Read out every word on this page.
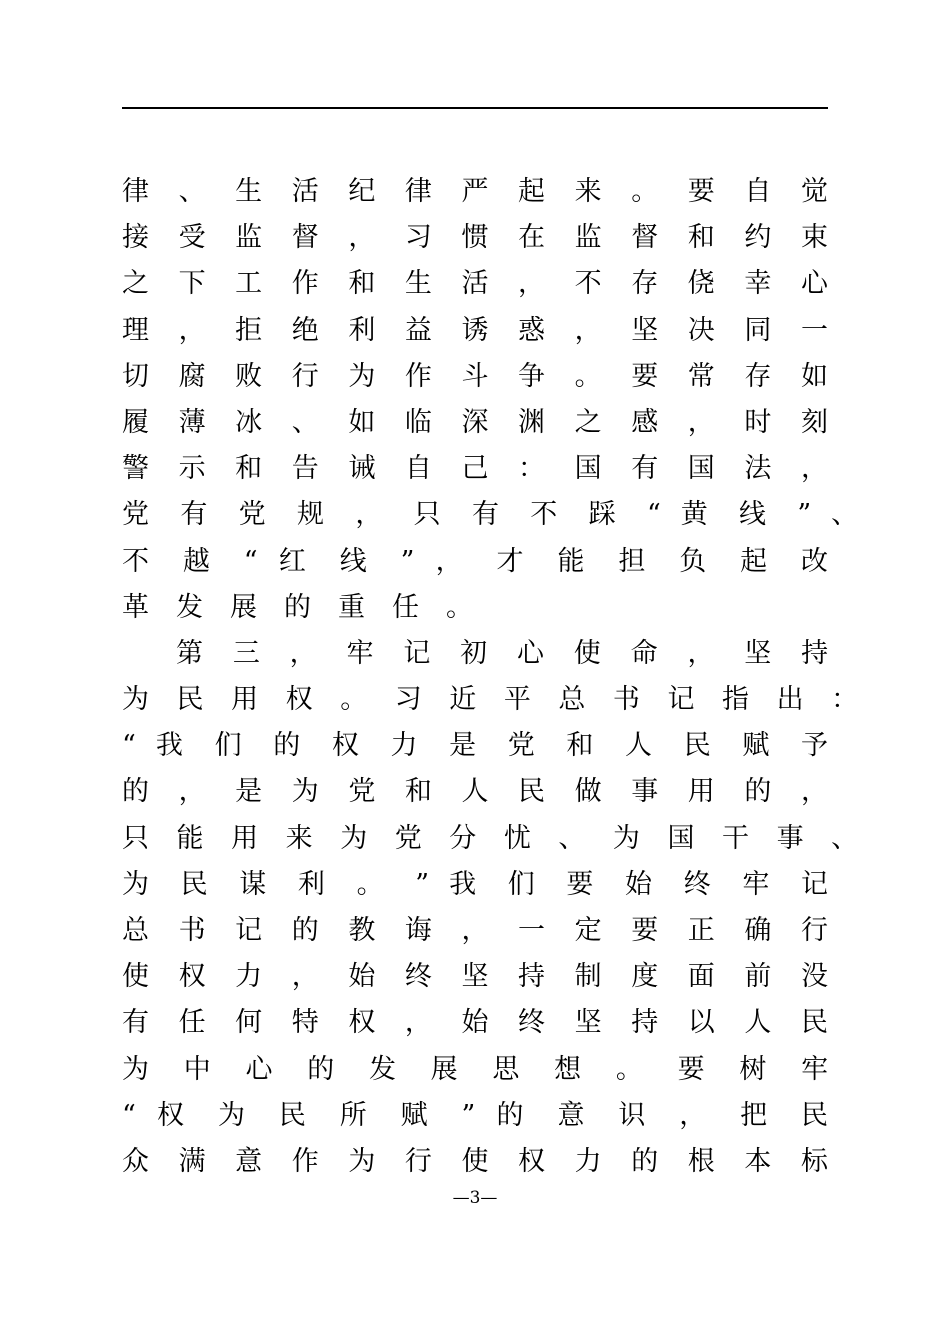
律 、 生 活 纪 律 严 起 来 。 要 自 觉
接 受 监 督 ， 习 惯 在 监 督 和 约 束
之 下 工 作 和 生 活 ， 不 存 侥 幸 心
理 ， 拒 绝 利 益 诱 惑 ， 坚 决 同 一
切 腐 败 行 为 作 斗 争 。 要 常 存 如
履 薄 冰 、 如 临 深 渊 之 感 ， 时 刻
警 示 和 告 诫 自 己 ： 国 有 国 法 ，
党 有 党 规 ， 只 有 不 踩 “ 黄 线 ” 、
不 越 “ 红 线 ” ， 才 能 担 负 起 改
革发展的重任。
第 三 ， 牢 记 初 心 使 命 ， 坚 持
为 民 用 权 。 习 近 平 总 书 记 指 出 ：
“ 我 们 的 权 力 是 党 和 人 民 赋 予
的 ， 是 为 党 和 人 民 做 事 用 的 ，
只 能 用 来 为 党 分 忧 、 为 国 干 事 、
为 民 谋 利 。 ” 我 们 要 始 终 牢 记
总 书 记 的 教 诲 ， 一 定 要 正 确 行
使 权 力 ， 始 终 坚 持 制 度 面 前 没
有 任 何 特 权 ， 始 终 坚 持 以 人 民
为 中 心 的 发 展 思 想 。 要 树 牢
“ 权 为 民 所 赋 ” 的 意 识 ， 把 民
众 满 意 作 为 行 使 权 力 的 根 本 标
—3—
